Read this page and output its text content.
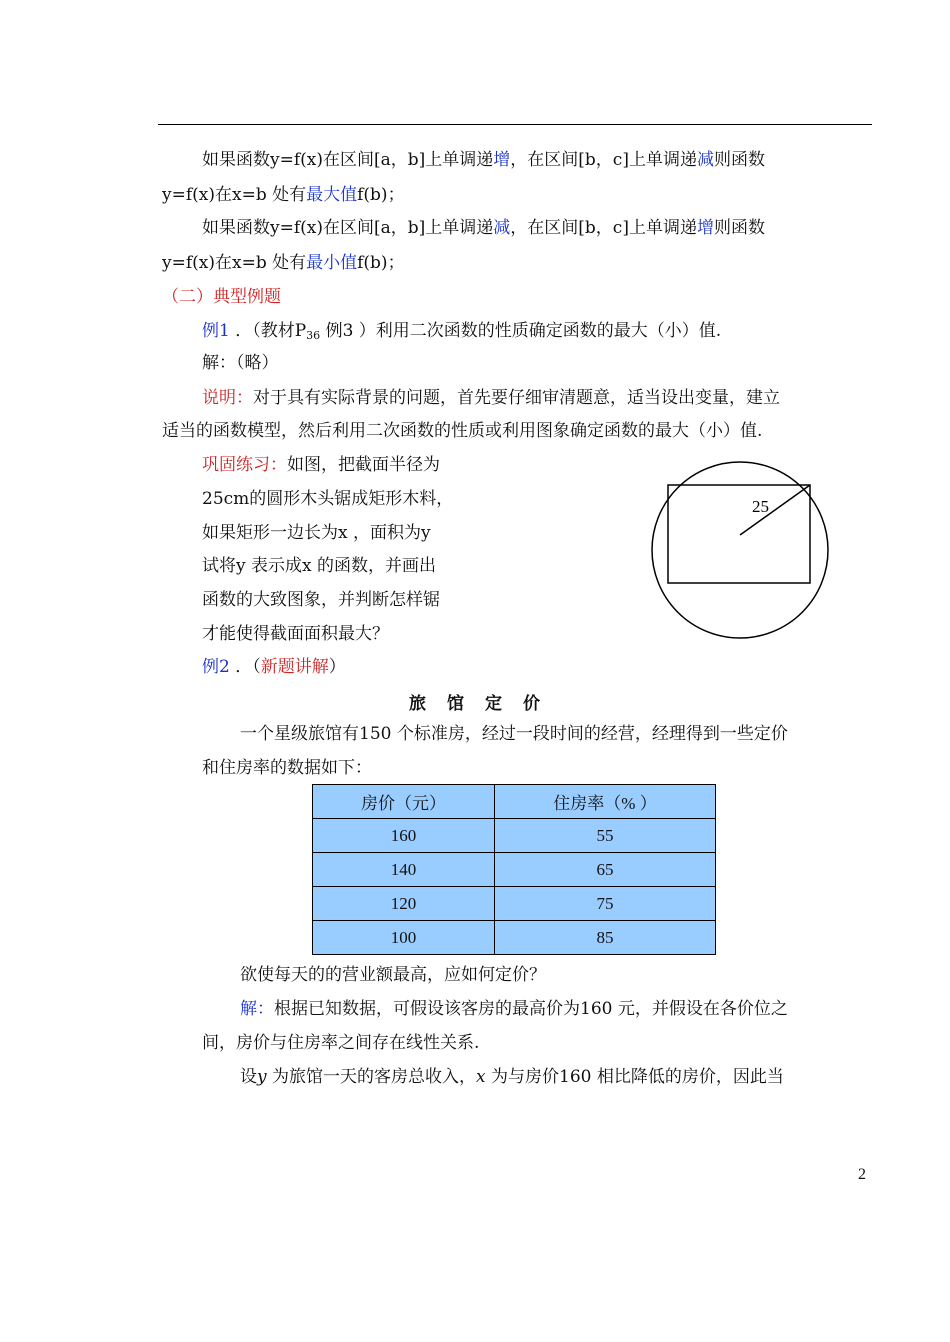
如果函数y=f(x)在区间[a，b]上单调递增，在区间[b，c]上单调递减则函数
y=f(x)在x=b 处有最大值f(b)；
如果函数y=f(x)在区间[a，b]上单调递减，在区间[b，c]上单调递增则函数
y=f(x)在x=b 处有最小值f(b)；
（二）典型例题
例1 ．（教材$P_{36}$ 例3 ）利用二次函数的性质确定函数的最大（小）值.
解：（略）
说明：对于具有实际背景的问题，首先要仔细审清题意，适当设出变量，建立
适当的函数模型，然后利用二次函数的性质或利用图象确定函数的最大（小）值.
巩固练习：如图，把截面半径为
25cm的圆形木头锯成矩形木料，
如果矩形一边长为x ，面积为y
试将y 表示成x 的函数，并画出
函数的大致图象，并判断怎样锯
才能使得截面面积最大？
25
例2 ．（新题讲解）
旅 馆 定 价
一个星级旅馆有150 个标准房，经过一段时间的经营，经理得到一些定价
和住房率的数据如下：
房价（元）	住房率（% ）
160	55
140	65
120	75
100	85
欲使每天的的营业额最高，应如何定价？
解：根据已知数据，可假设该客房的最高价为160 元，并假设在各价位之
间，房价与住房率之间存在线性关系.
设y 为旅馆一天的客房总收入，x 为与房价160 相比降低的房价，因此当
2
